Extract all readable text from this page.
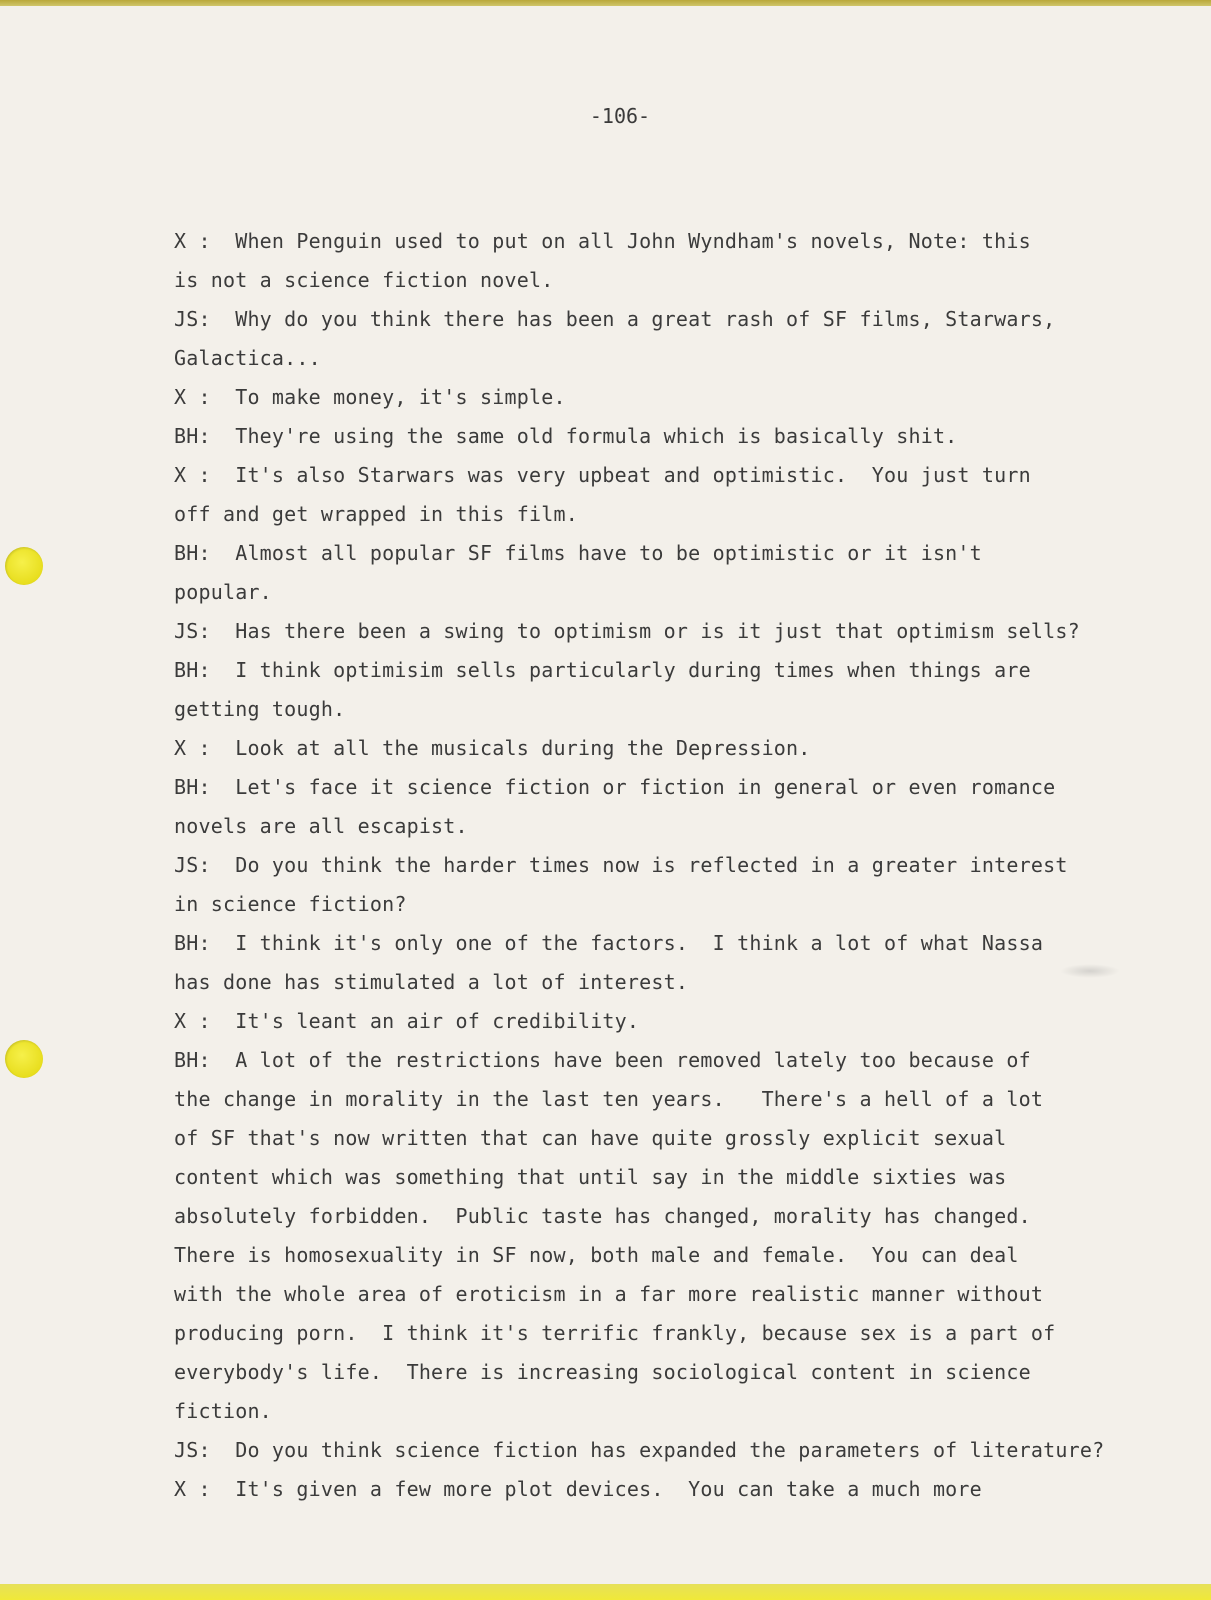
-106-
X :  When Penguin used to put on all John Wyndham's novels, Note: this
is not a science fiction novel.
JS:  Why do you think there has been a great rash of SF films, Starwars,
Galactica...
X :  To make money, it's simple.
BH:  They're using the same old formula which is basically shit.
X :  It's also Starwars was very upbeat and optimistic.  You just turn
off and get wrapped in this film.
BH:  Almost all popular SF films have to be optimistic or it isn't
popular.
JS:  Has there been a swing to optimism or is it just that optimism sells?
BH:  I think optimisim sells particularly during times when things are
getting tough.
X :  Look at all the musicals during the Depression.
BH:  Let's face it science fiction or fiction in general or even romance
novels are all escapist.
JS:  Do you think the harder times now is reflected in a greater interest
in science fiction?
BH:  I think it's only one of the factors.  I think a lot of what Nassa
has done has stimulated a lot of interest.
X :  It's leant an air of credibility.
BH:  A lot of the restrictions have been removed lately too because of
the change in morality in the last ten years.   There's a hell of a lot
of SF that's now written that can have quite grossly explicit sexual
content which was something that until say in the middle sixties was
absolutely forbidden.  Public taste has changed, morality has changed.
There is homosexuality in SF now, both male and female.  You can deal
with the whole area of eroticism in a far more realistic manner without
producing porn.  I think it's terrific frankly, because sex is a part of
everybody's life.  There is increasing sociological content in science
fiction.
JS:  Do you think science fiction has expanded the parameters of literature?
X :  It's given a few more plot devices.  You can take a much more
